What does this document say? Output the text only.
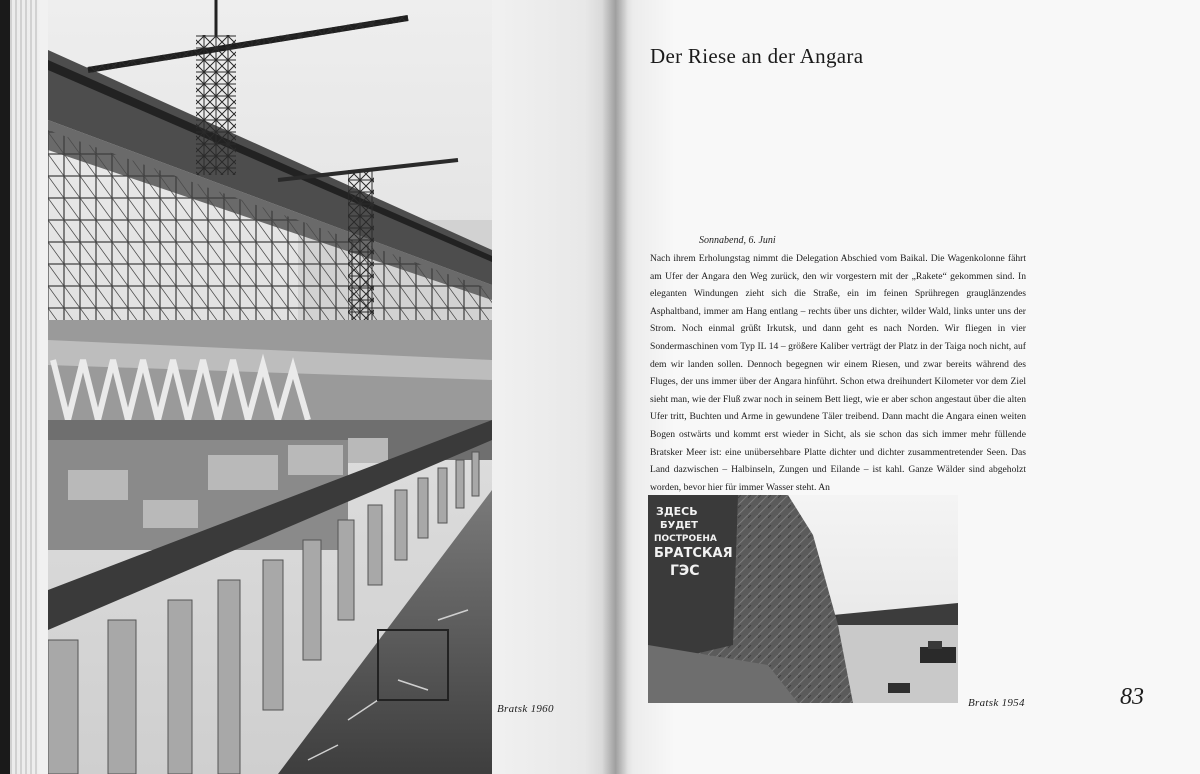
Bratsk 1960
Der Riese an der Angara

Sonnabend, 6. Juni

Nach ihrem Erholungstag nimmt die Delegation Abschied vom Baikal. Die Wagenkolonne fährt am Ufer der Angara den Weg zurück, den wir vorgestern mit der „Rakete“ gekommen sind. In eleganten Windungen zieht sich die Straße, ein im feinen Sprühregen grauglänzendes Asphaltband, immer am Hang entlang – rechts über uns dichter, wilder Wald, links unter uns der Strom. Noch einmal grüßt Irkutsk, und dann geht es nach Norden. Wir fliegen in vier Sondermaschinen vom Typ IL 14 – größere Kaliber verträgt der Platz in der Taiga noch nicht, auf dem wir landen sollen. Dennoch begegnen wir einem Riesen, und zwar bereits während des Fluges, der uns immer über der Angara hinführt. Schon etwa dreihundert Kilometer vor dem Ziel sieht man, wie der Fluß zwar noch in seinem Bett liegt, wie er aber schon angestaut über die alten Ufer tritt, Buchten und Arme in gewundene Täler treibend. Dann macht die Angara einen weiten Bogen ostwärts und kommt erst wieder in Sicht, als sie schon das sich immer mehr füllende Bratsker Meer ist: eine unübersehbare Platte dichter und dichter zusammentretender Seen. Das Land dazwischen – Halbinseln, Zungen und Eilande – ist kahl. Ganze Wälder sind abgeholzt worden, bevor hier für immer Wasser steht. An

ЗДЕСЬ
БУДЕТ
ПОСТРОЕНА
БРАТСКАЯ
ГЭС
Bratsk 1954	83
